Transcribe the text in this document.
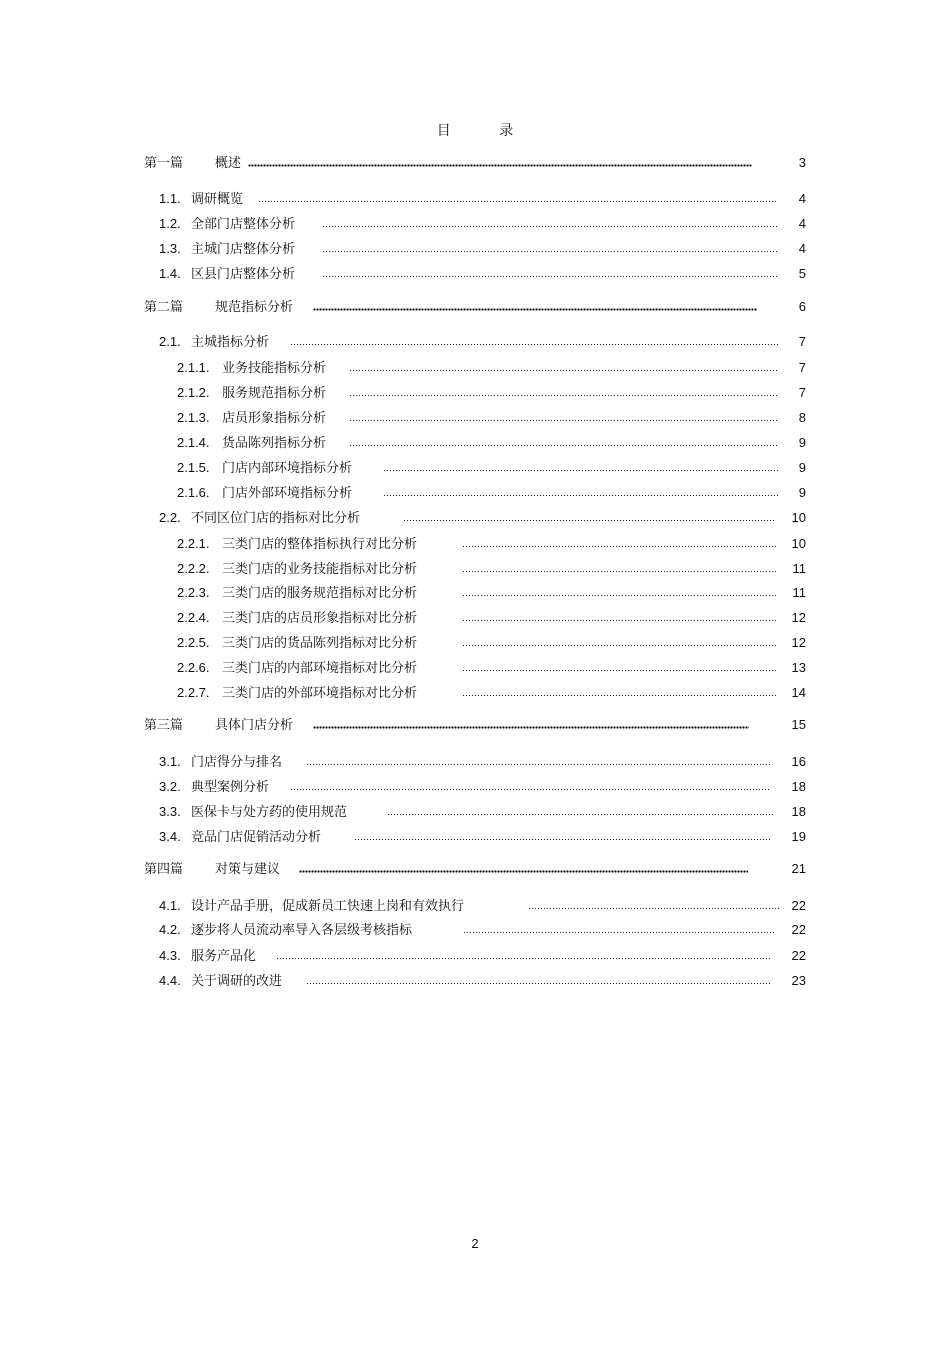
目 录
第一篇	概述	3
1.1. 调研概览	4
1.2. 全部门店整体分析	4
1.3. 主城门店整体分析	4
1.4. 区县门店整体分析	5
第二篇	规范指标分析	6
2.1. 主城指标分析	7
2.1.1. 业务技能指标分析	7
2.1.2. 服务规范指标分析	7
2.1.3. 店员形象指标分析	8
2.1.4. 货品陈列指标分析	9
2.1.5. 门店内部环境指标分析	9
2.1.6. 门店外部环境指标分析	9
2.2. 不同区位门店的指标对比分析	10
2.2.1. 三类门店的整体指标执行对比分析	10
2.2.2. 三类门店的业务技能指标对比分析	11
2.2.3. 三类门店的服务规范指标对比分析	11
2.2.4. 三类门店的店员形象指标对比分析	12
2.2.5. 三类门店的货品陈列指标对比分析	12
2.2.6. 三类门店的内部环境指标对比分析	13
2.2.7. 三类门店的外部环境指标对比分析	14
第三篇	具体门店分析	15
3.1. 门店得分与排名	16
3.2. 典型案例分析	18
3.3. 医保卡与处方药的使用规范	18
3.4. 竞品门店促销活动分析	19
第四篇	对策与建议	21
4.1. 设计产品手册，促成新员工快速上岗和有效执行	22
4.2. 逐步将人员流动率导入各层级考核指标	22
4.3. 服务产品化	22
4.4. 关于调研的改进	23
2
